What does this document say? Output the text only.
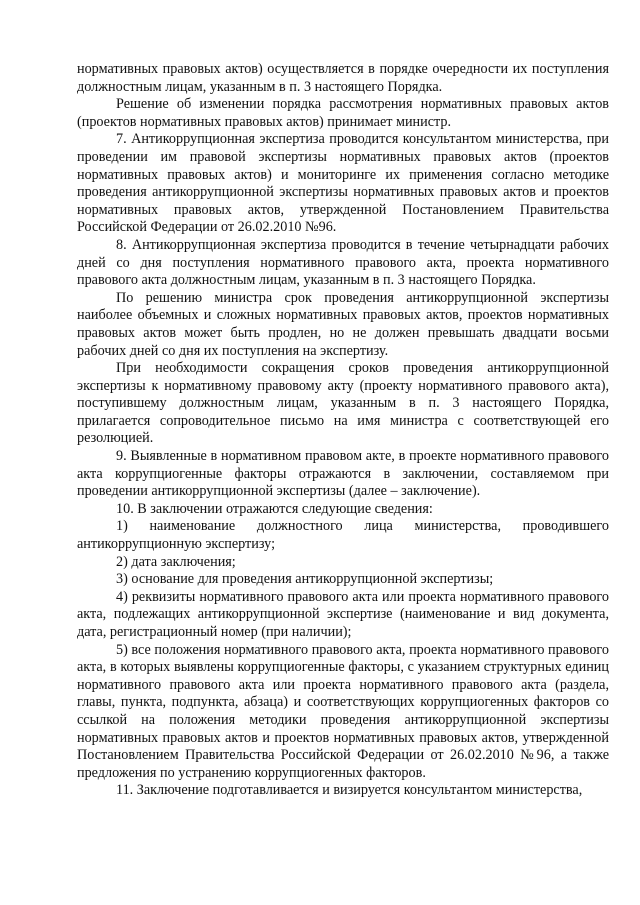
нормативных правовых актов) осуществляется в порядке очередности их поступления должностным лицам, указанным в п. 3 настоящего Порядка.

Решение об изменении порядка рассмотрения нормативных правовых актов (проектов нормативных правовых актов) принимает министр.

7. Антикоррупционная экспертиза проводится консультантом министерства, при проведении им правовой экспертизы нормативных правовых актов (проектов нормативных правовых актов) и мониторинге их применения согласно методике проведения антикоррупционной экспертизы нормативных правовых актов и проектов нормативных правовых актов, утвержденной Постановлением Правительства Российской Федерации от 26.02.2010 №96.

8. Антикоррупционная экспертиза проводится в течение четырнадцати рабочих дней со дня поступления нормативного правового акта, проекта нормативного правового акта должностным лицам, указанным в п. 3 настоящего Порядка.

По решению министра срок проведения антикоррупционной экспертизы наиболее объемных и сложных нормативных правовых актов, проектов нормативных правовых актов может быть продлен, но не должен превышать двадцати восьми рабочих дней со дня их поступления на экспертизу.

При необходимости сокращения сроков проведения антикоррупционной экспертизы к нормативному правовому акту (проекту нормативного правового акта), поступившему должностным лицам, указанным в п. 3 настоящего Порядка, прилагается сопроводительное письмо на имя министра с соответствующей его резолюцией.

9. Выявленные в нормативном правовом акте, в проекте нормативного правового акта коррупциогенные факторы отражаются в заключении, составляемом при проведении антикоррупционной экспертизы (далее – заключение).

10. В заключении отражаются следующие сведения:

1) наименование должностного лица министерства, проводившего антикоррупционную экспертизу;

2) дата заключения;

3) основание для проведения антикоррупционной экспертизы;

4) реквизиты нормативного правового акта или проекта нормативного правового акта, подлежащих антикоррупционной экспертизе (наименование и вид документа, дата, регистрационный номер (при наличии);

5) все положения нормативного правового акта, проекта нормативного правового акта, в которых выявлены коррупциогенные факторы, с указанием структурных единиц нормативного правового акта или проекта нормативного правового акта (раздела, главы, пункта, подпункта, абзаца) и соответствующих коррупциогенных факторов со ссылкой на положения методики проведения антикоррупционной экспертизы нормативных правовых актов и проектов нормативных правовых актов, утвержденной Постановлением Правительства Российской Федерации от 26.02.2010 №96, а также предложения по устранению коррупциогенных факторов.

11. Заключение подготавливается и визируется консультантом министерства,
